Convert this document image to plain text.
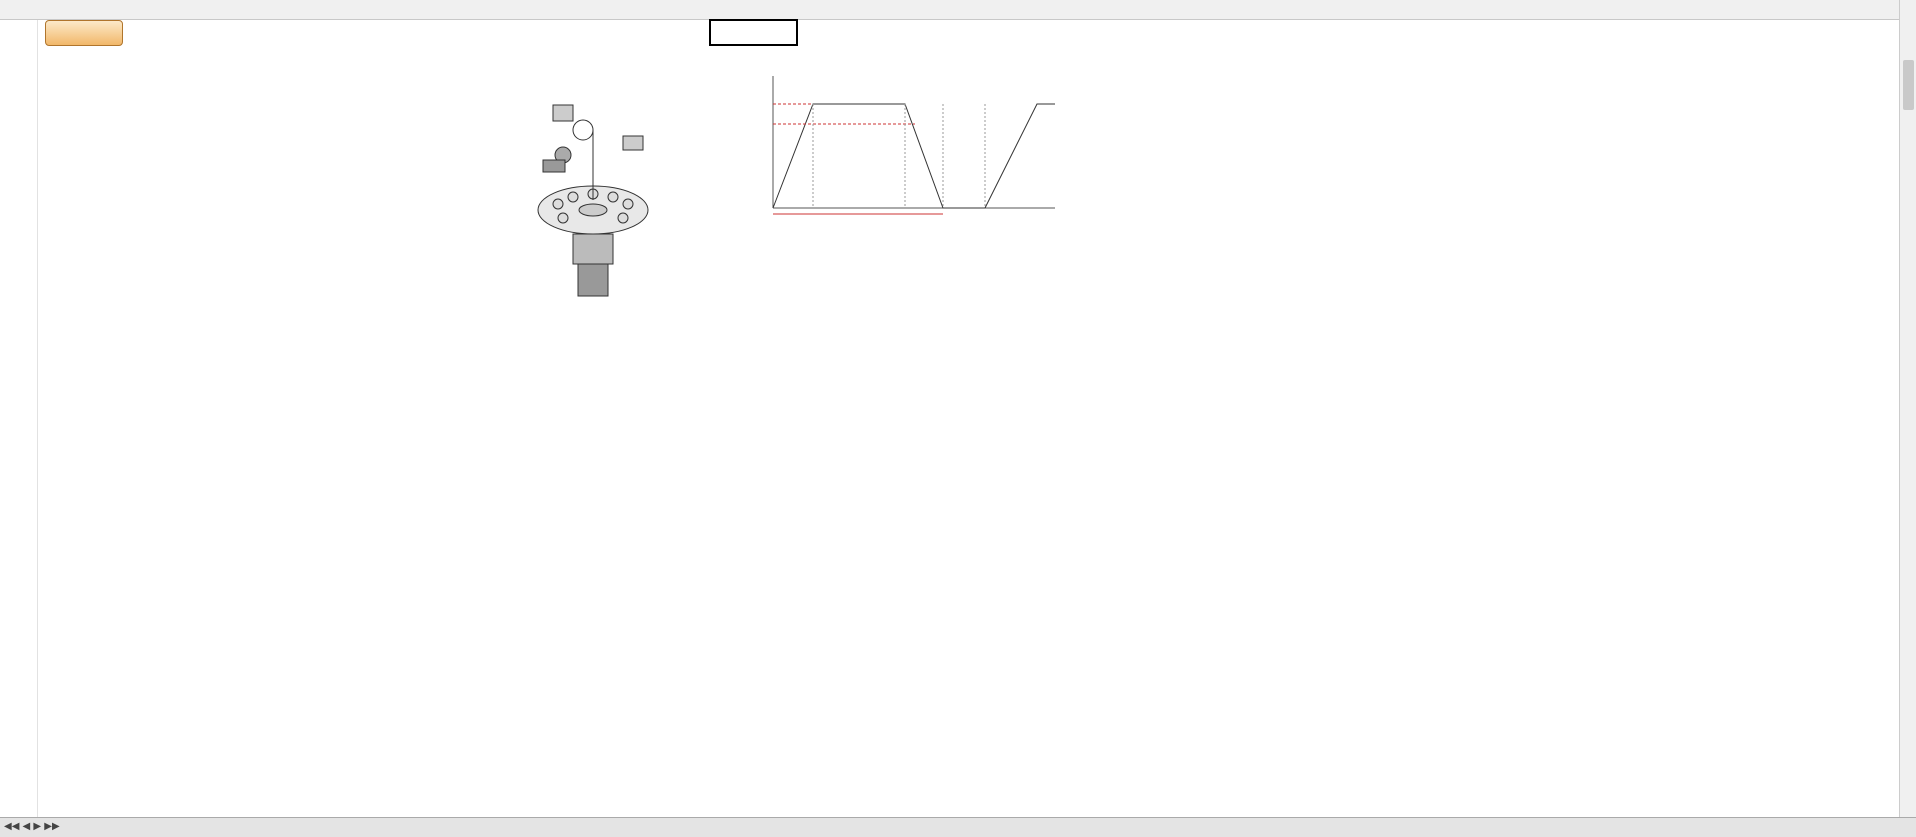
◀◀ ◀ ▶ ▶▶
